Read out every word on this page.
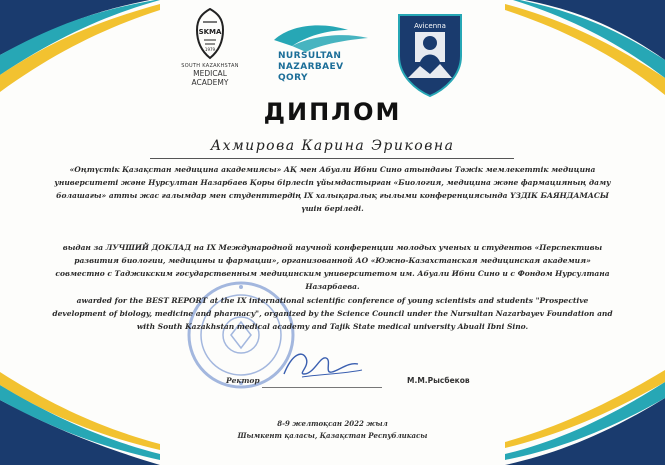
SKMA
1979
SOUTH KAZAKHSTAN
MEDICAL
ACADEMY
NURSULTAN
NAZARBAEV
QORY
Avicenna
ДИПЛОМ
Ахмирова Карина Эриковна
«Оңтүстік Қазақстан медицина академиясы» АҚ мен Абуали Ибни Сино атындағы Тәжік мемлекеттік медицина университеті және Нурсултан Назарбаев Қоры бірлесіп ұйымдастырған «Биология, медицина және фармацияның даму болашағы» атты жас ғалымдар мен студенттердің IX халықаралық ғылыми конференциясында ҮЗДІК БАЯНДАМАСЫ үшін беріледі.
выдан за ЛУЧШИЙ ДОКЛАД на IX Международной научной конференции молодых ученых и студентов «Перспективы развития биологии, медицины и фармации», организованной АО «Южно-Казахстанская медицинская академия» совместно с Таджикским государственным медицинским университетом им. Абуали Ибни Сино и с Фондом Нурсултана Назарбаева.
awarded for the BEST REPORT at the IX international scientific conference of young scientists and students "Prospective development of biology, medicine and pharmacy", organized by the Science Council under the Nursultan Nazarbayev Foundation and with South Kazakhstan medical academy and Tajik State medical university Abuali Ibni Sino.
Ректор	М.М.Рысбеков
8-9 желтоқсан 2022 жыл
Шымкент қаласы, Қазақстан Республикасы
